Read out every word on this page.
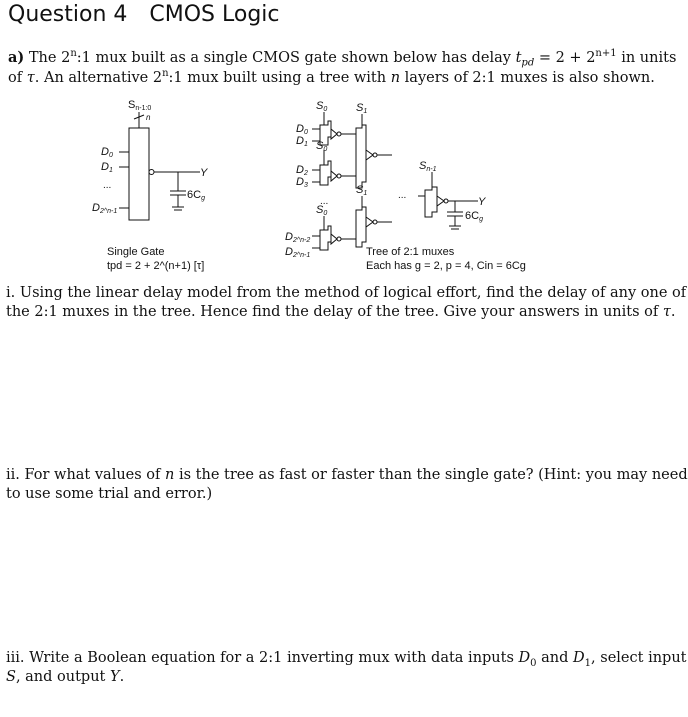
Question 4 CMOS Logic
a) The 2$^n$:1 mux built as a single CMOS gate shown below has delay $t_{pd} = 2 + 2^{n+1}$ in units
of τ. An alternative 2$^n$:1 mux built using a tree with n layers of 2:1 muxes is also shown.
Sn-1:0
n
D0
D1
...
D2^n-1
Y
6Cg
Single Gate
tpd = 2 + 2^(n+1) [τ]
S0	S1
S0
S1
S0
Sn-1
D0
D1
D2
D3
...
...
D2^n-2
D2^n-1
Y
6Cg
Tree of 2:1 muxes
Each has g = 2, p = 4, Cin = 6Cg
i. Using the linear delay model from the method of logical effort, find the delay of any one of
the 2:1 muxes in the tree. Hence find the delay of the tree. Give your answers in units of τ.
ii. For what values of n is the tree as fast or faster than the single gate? (Hint: you may need
to use some trial and error.)
iii. Write a Boolean equation for a 2:1 inverting mux with data inputs $D_0$ and $D_1$, select input
S, and output Y.
